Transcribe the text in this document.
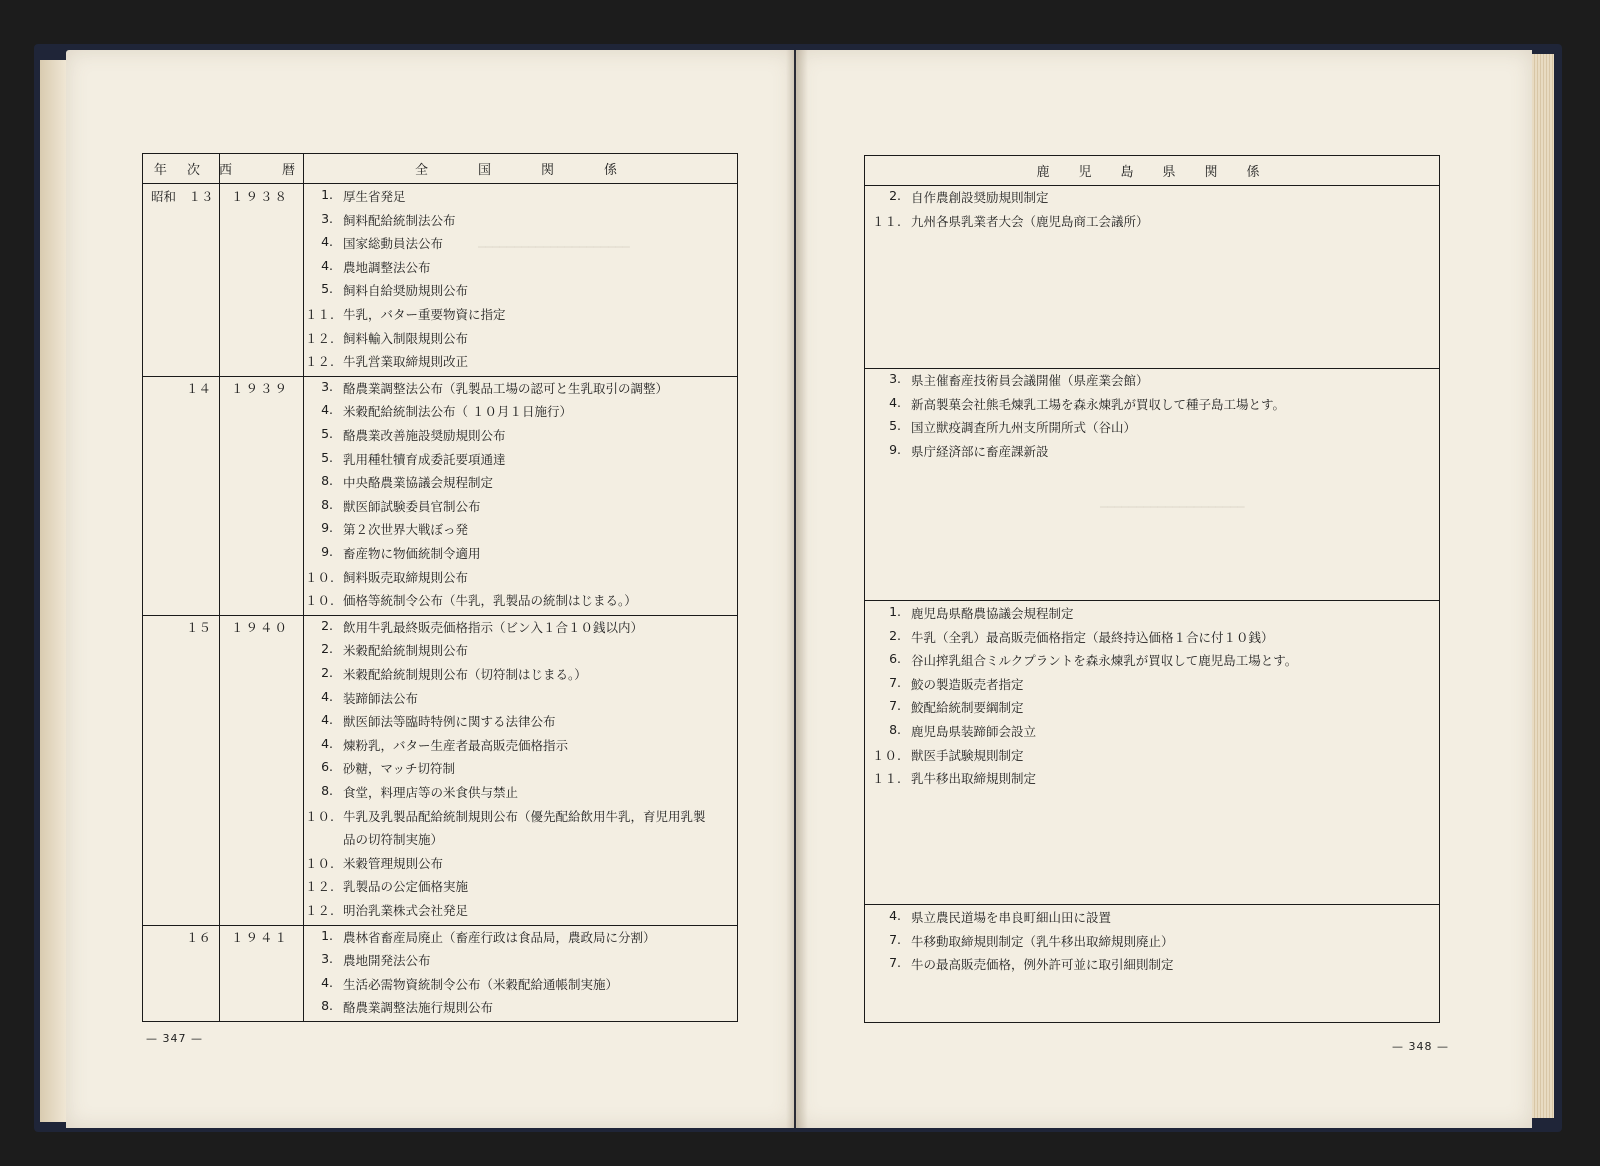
年 次 西　　暦	全　　国　　関　　係
昭和　１３ １９３８	1. 厚生省発足
3. 飼料配給統制法公布
4. 国家総動員法公布
4. 農地調整法公布
5. 飼料自給奨励規則公布
１１. 牛乳，バター重要物資に指定
１２. 飼料輸入制限規則公布
１２. 牛乳営業取締規則改正
１４ １９３９	3. 酪農業調整法公布（乳製品工場の認可と生乳取引の調整）
4. 米穀配給統制法公布（ １０月１日施行）
5. 酪農業改善施設奨励規則公布
5. 乳用種牡犢育成委託要項通達
8. 中央酪農業協議会規程制定
8. 獣医師試験委員官制公布
9. 第２次世界大戦ぼっ発
9. 畜産物に物価統制令適用
１０. 飼料販売取締規則公布
１０. 価格等統制令公布（牛乳，乳製品の統制はじまる。）
１５ １９４０	2. 飲用牛乳最終販売価格指示（ビン入１合１０銭以内）
2. 米穀配給統制規則公布
2. 米穀配給統制規則公布（切符制はじまる。）
4. 装蹄師法公布
4. 獣医師法等臨時特例に関する法律公布
4. 煉粉乳，バター生産者最高販売価格指示
6. 砂糖，マッチ切符制
8. 食堂，料理店等の米食供与禁止
１０. 牛乳及乳製品配給統制規則公布（優先配給飲用牛乳，育児用乳製
品の切符制実施）
１０. 米穀管理規則公布
１２. 乳製品の公定価格実施
１２. 明治乳業株式会社発足
１６ １９４１	1. 農林省畜産局廃止（畜産行政は食品局，農政局に分割）
3. 農地開発法公布
4. 生活必需物資統制令公布（米穀配給通帳制実施）
8. 酪農業調整法施行規則公布
鹿　児　島　県　関　係
2. 自作農創設奨励規則制定
１１. 九州各県乳業者大会（鹿児島商工会議所）
3. 県主催畜産技術員会議開催（県産業会館）
4. 新高製菓会社熊毛煉乳工場を森永煉乳が買収して種子島工場とす。
5. 国立獣疫調査所九州支所開所式（谷山）
9. 県庁経済部に畜産課新設
1. 鹿児島県酪農協議会規程制定
2. 牛乳（全乳）最高販売価格指定（最終持込価格１合に付１０銭）
6. 谷山搾乳組合ミルクプラントを森永煉乳が買収して鹿児島工場とす。
7. 鮫の製造販売者指定
7. 鮫配給統制要綱制定
8. 鹿児島県装蹄師会設立
１０. 獣医手試験規則制定
１１. 乳牛移出取締規則制定
4. 県立農民道場を串良町細山田に設置
7. 牛移動取締規則制定（乳牛移出取締規則廃止）
7. 牛の最高販売価格，例外許可並に取引細則制定
━━━━━━━━━━━━━━━━━━━━━
━━━━━━━━━━━━━━━━━━━━
— 347 —
— 348 —
